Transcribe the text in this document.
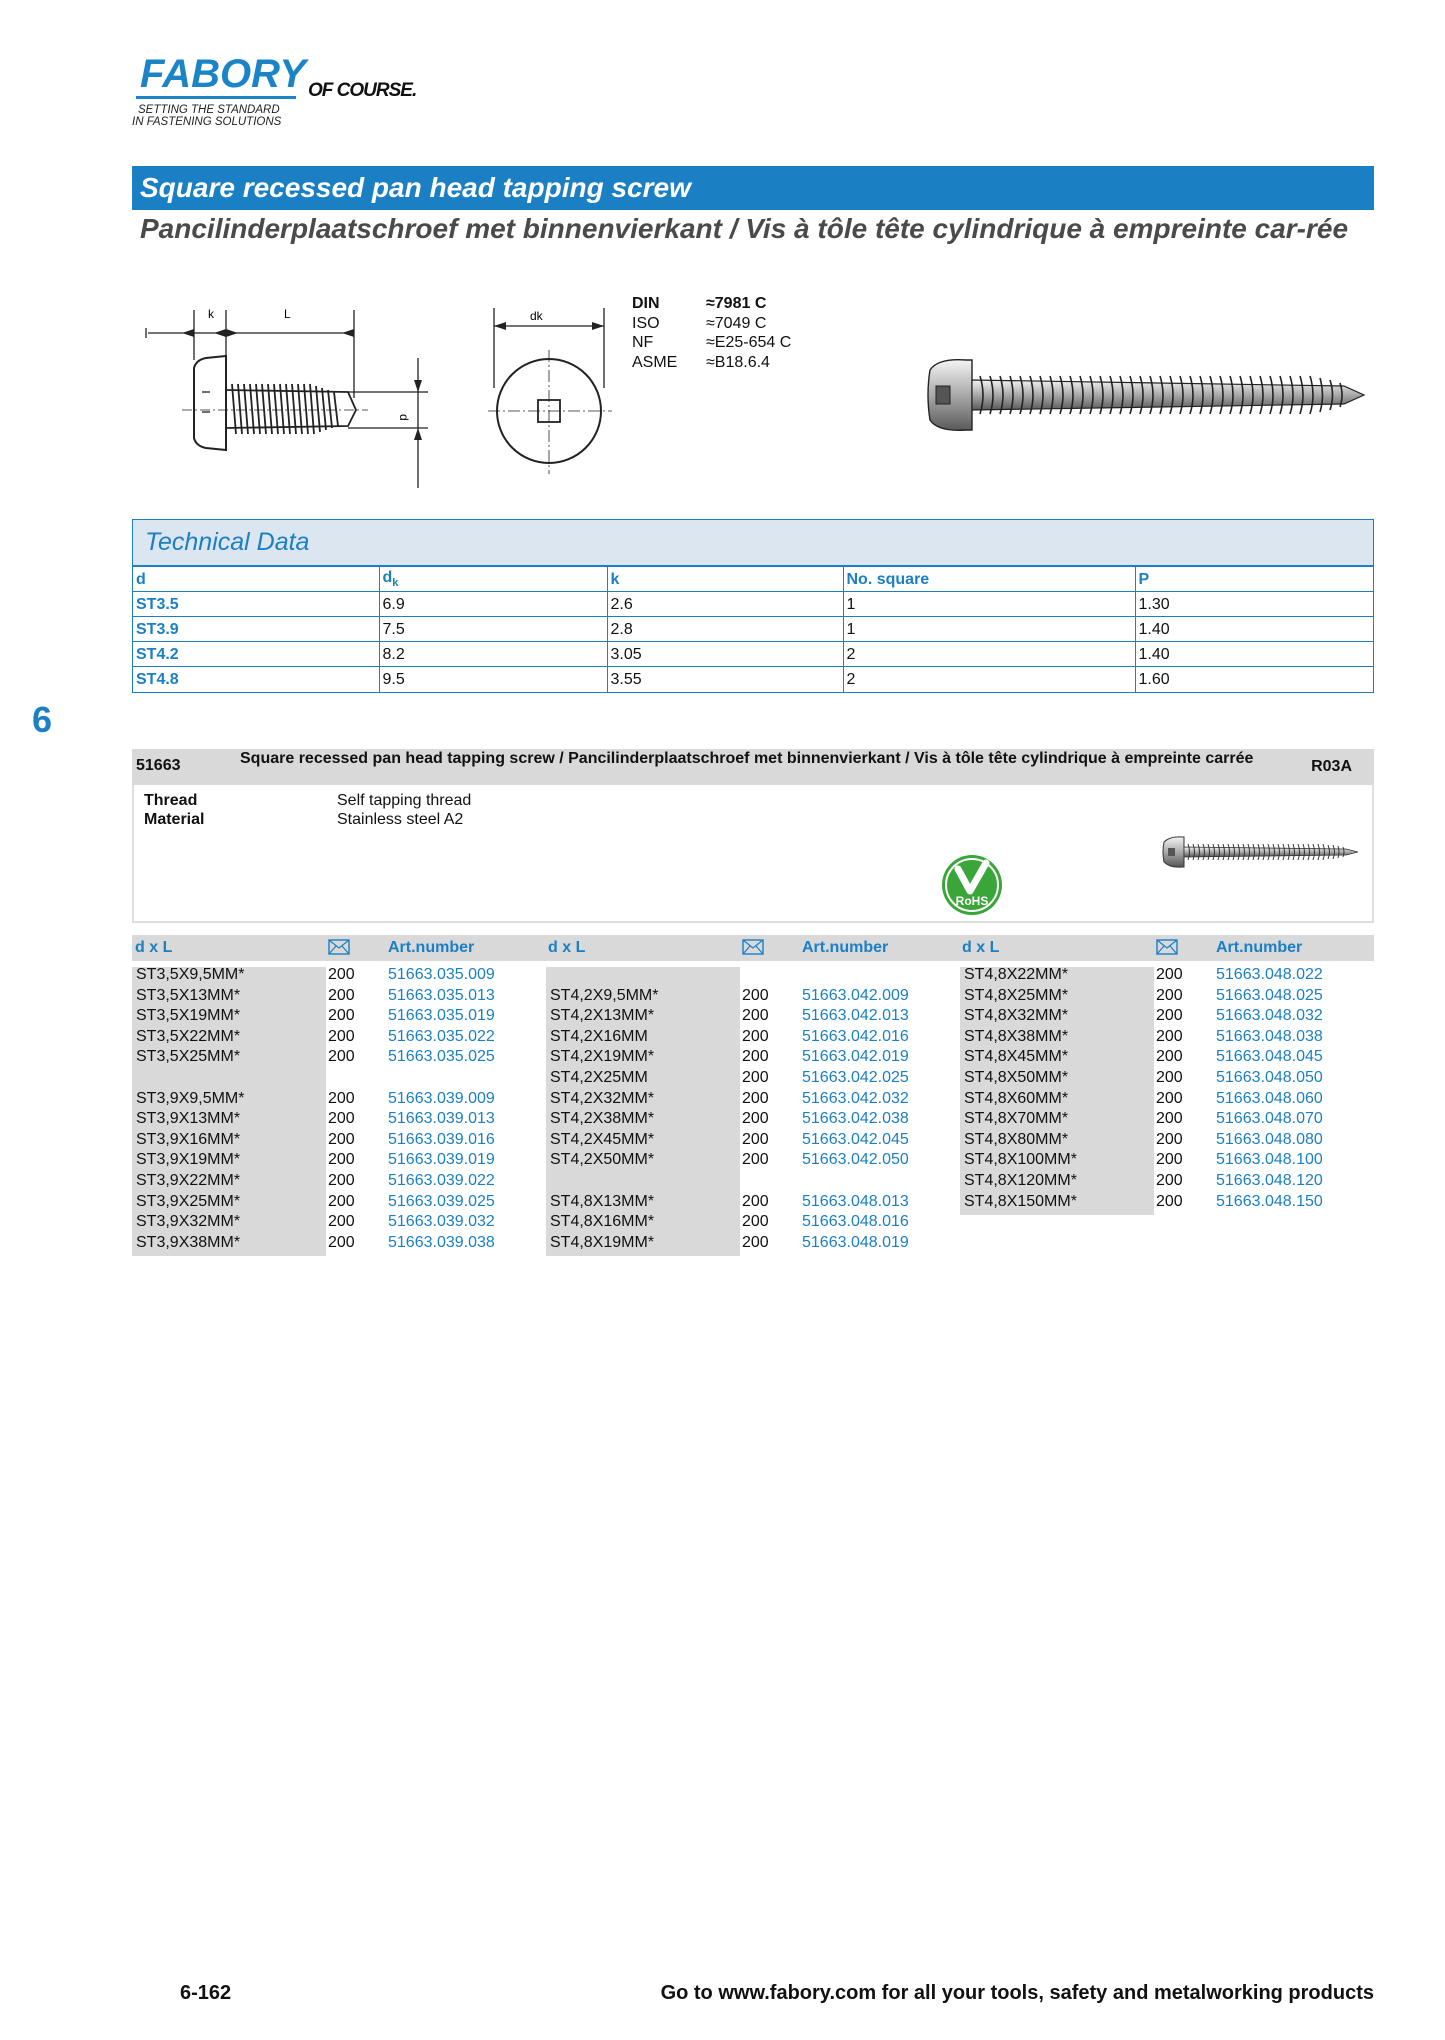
FABORY OF COURSE.
SETTING THE STANDARD
IN FASTENING SOLUTIONS
Square recessed pan head tapping screw
Pancilinderplaatschroef met binnenvierkant / Vis à tôle tête cylindrique à empreinte car-rée
k	L
d
dk
DIN	≈7981 C
ISO	≈7049 C
NF	≈E25-654 C
ASME	≈B18.6.4
Technical Data
d	$d_k$	k	No. square	P
ST3.5	6.9	2.6	1	1.30
ST3.9	7.5	2.8	1	1.40
ST4.2	8.2	3.05	2	1.40
ST4.8	9.5	3.55	2	1.60
6
51663	Square recessed pan head tapping screw / Pancilinderplaatschroef met binnenvierkant / Vis à tôle tête cylindrique à empreinte carrée	R03A
Thread	Self tapping thread
Material	Stainless steel A2
RoHS
d x L	Art.number	d x L	Art.number	d x L	Art.number
ST3,5X9,5MM*	200 51663.035.009
ST3,5X13MM*	200 51663.035.013
ST3,5X19MM*	200 51663.035.019
ST3,5X22MM*	200 51663.035.022
ST3,5X25MM*	200 51663.035.025
ST3,9X9,5MM*	200 51663.039.009
ST3,9X13MM*	200 51663.039.013
ST3,9X16MM*	200 51663.039.016
ST3,9X19MM*	200 51663.039.019
ST3,9X22MM*	200 51663.039.022
ST3,9X25MM*	200 51663.039.025
ST3,9X32MM*	200 51663.039.032
ST3,9X38MM*	200 51663.039.038
ST4,2X9,5MM*	200 51663.042.009
ST4,2X13MM*	200 51663.042.013
ST4,2X16MM	200 51663.042.016
ST4,2X19MM*	200 51663.042.019
ST4,2X25MM	200 51663.042.025
ST4,2X32MM*	200 51663.042.032
ST4,2X38MM*	200 51663.042.038
ST4,2X45MM*	200 51663.042.045
ST4,2X50MM*	200 51663.042.050
ST4,8X13MM*	200 51663.048.013
ST4,8X16MM*	200 51663.048.016
ST4,8X19MM*	200 51663.048.019
ST4,8X22MM*	200 51663.048.022
ST4,8X25MM*	200 51663.048.025
ST4,8X32MM*	200 51663.048.032
ST4,8X38MM*	200 51663.048.038
ST4,8X45MM*	200 51663.048.045
ST4,8X50MM*	200 51663.048.050
ST4,8X60MM*	200 51663.048.060
ST4,8X70MM*	200 51663.048.070
ST4,8X80MM*	200 51663.048.080
ST4,8X100MM*	200 51663.048.100
ST4,8X120MM*	200 51663.048.120
ST4,8X150MM*	200 51663.048.150
6-162	Go to www.fabory.com for all your tools, safety and metalworking products
